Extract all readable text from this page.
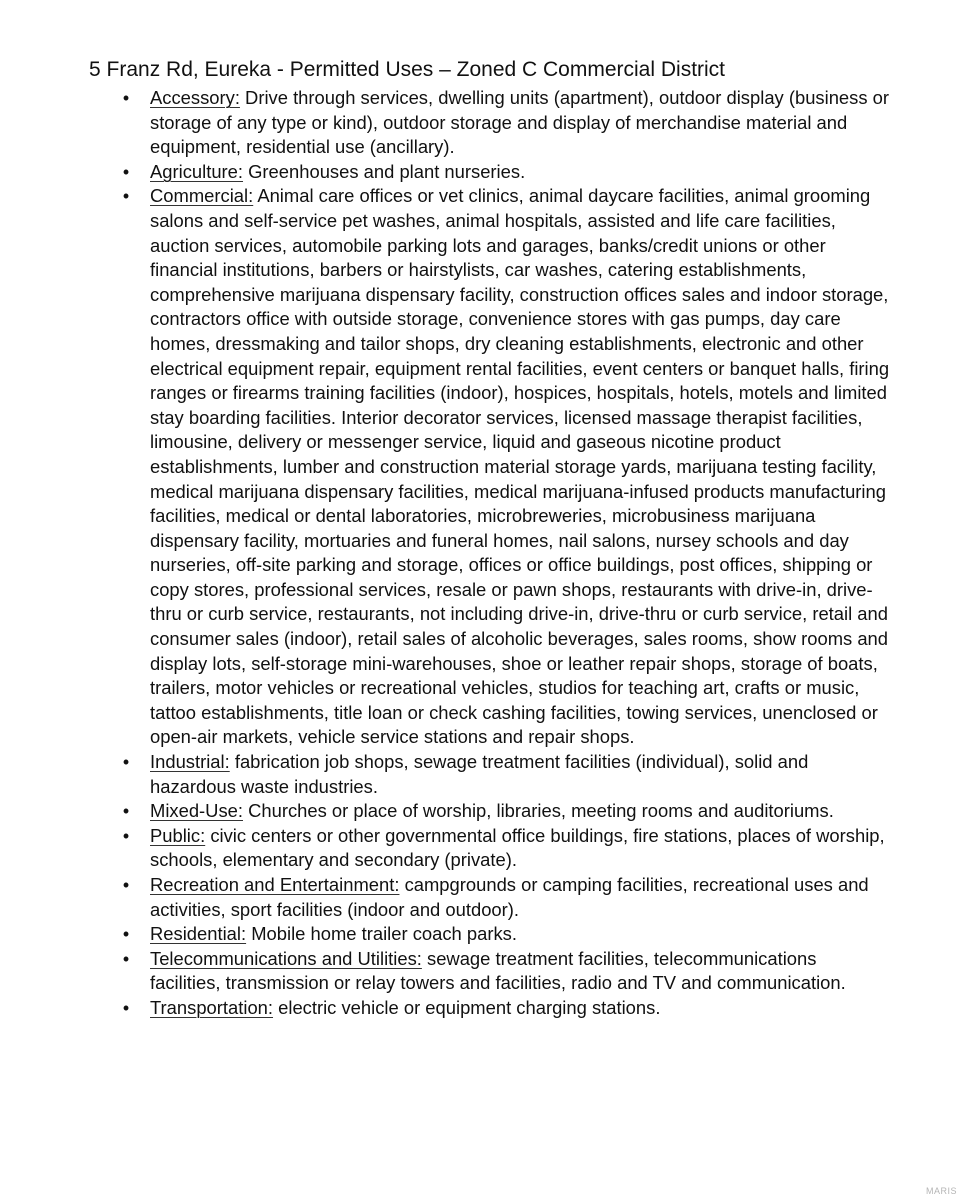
5 Franz Rd, Eureka - Permitted Uses – Zoned C Commercial District
• Accessory: Drive through services, dwelling units (apartment), outdoor display (business or storage of any type or kind), outdoor storage and display of merchandise material and equipment, residential use (ancillary).
• Agriculture: Greenhouses and plant nurseries.
• Commercial: Animal care offices or vet clinics, animal daycare facilities, animal grooming salons and self-service pet washes, animal hospitals, assisted and life care facilities, auction services, automobile parking lots and garages, banks/credit unions or other financial institutions, barbers or hairstylists, car washes, catering establishments, comprehensive marijuana dispensary facility, construction offices sales and indoor storage, contractors office with outside storage, convenience stores with gas pumps, day care homes, dressmaking and tailor shops, dry cleaning establishments, electronic and other electrical equipment repair, equipment rental facilities, event centers or banquet halls, firing ranges or firearms training facilities (indoor), hospices, hospitals, hotels, motels and limited stay boarding facilities. Interior decorator services, licensed massage therapist facilities, limousine, delivery or messenger service, liquid and gaseous nicotine product establishments, lumber and construction material storage yards, marijuana testing facility, medical marijuana dispensary facilities, medical marijuana-infused products manufacturing facilities, medical or dental laboratories, microbreweries, microbusiness marijuana dispensary facility, mortuaries and funeral homes, nail salons, nursey schools and day nurseries, off-site parking and storage, offices or office buildings, post offices, shipping or copy stores, professional services, resale or pawn shops, restaurants with drive-in, drive-thru or curb service, restaurants, not including drive-in, drive-thru or curb service, retail and consumer sales (indoor), retail sales of alcoholic beverages, sales rooms, show rooms and display lots, self-storage mini-warehouses, shoe or leather repair shops, storage of boats, trailers, motor vehicles or recreational vehicles, studios for teaching art, crafts or music, tattoo establishments, title loan or check cashing facilities, towing services, unenclosed or open-air markets, vehicle service stations and repair shops.
• Industrial: fabrication job shops, sewage treatment facilities (individual), solid and hazardous waste industries.
• Mixed-Use: Churches or place of worship, libraries, meeting rooms and auditoriums.
• Public: civic centers or other governmental office buildings, fire stations, places of worship, schools, elementary and secondary (private).
• Recreation and Entertainment: campgrounds or camping facilities, recreational uses and activities, sport facilities (indoor and outdoor).
• Residential: Mobile home trailer coach parks.
• Telecommunications and Utilities: sewage treatment facilities, telecommunications facilities, transmission or relay towers and facilities, radio and TV and communication.
• Transportation: electric vehicle or equipment charging stations.
MARIS
